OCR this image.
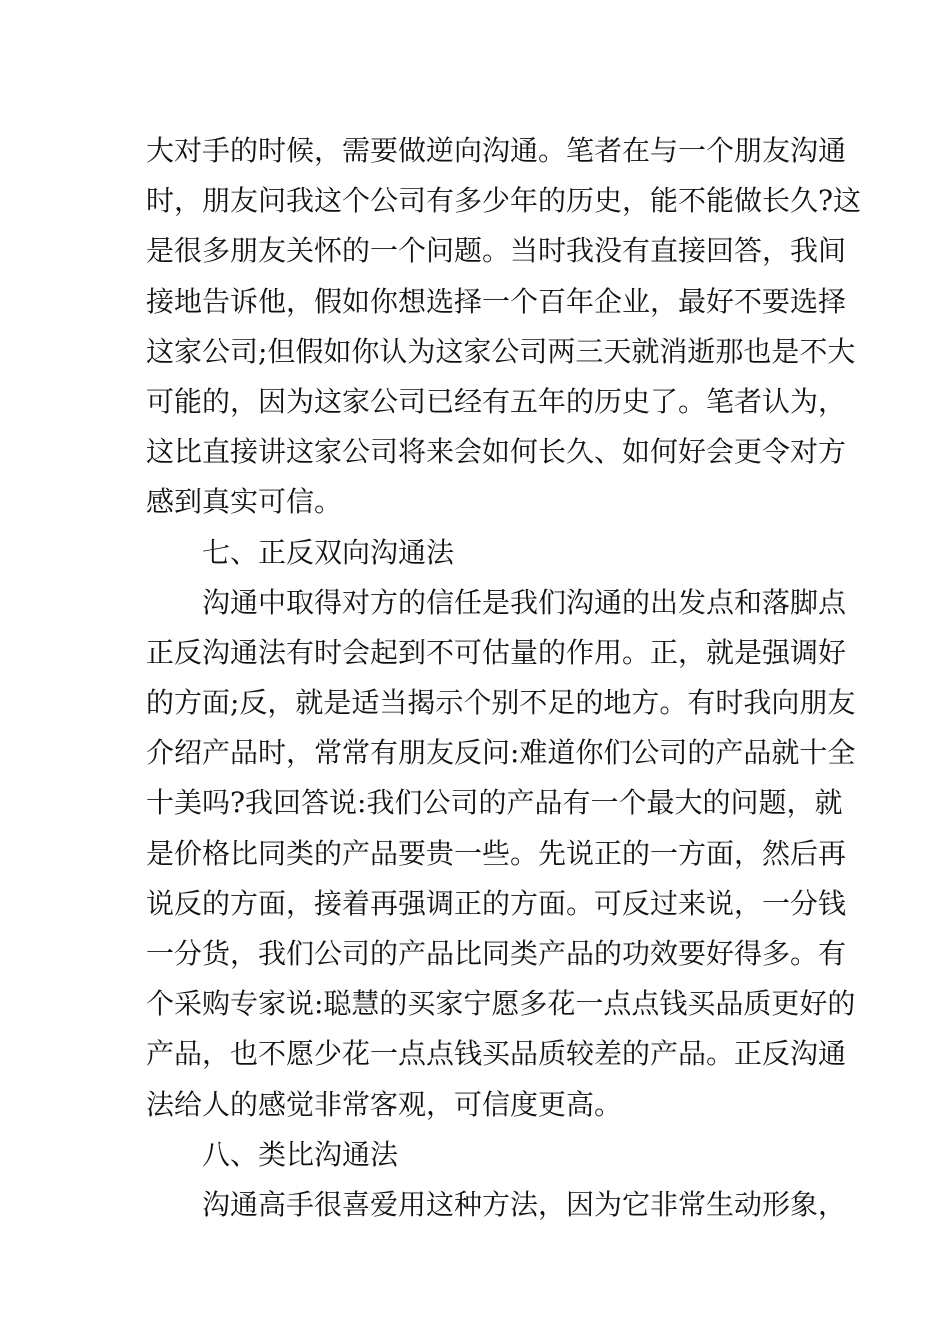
大对手的时候，需要做逆向沟通。笔者在与一个朋友沟通
时，朋友问我这个公司有多少年的历史，能不能做长久?这
是很多朋友关怀的一个问题。当时我没有直接回答，我间
接地告诉他，假如你想选择一个百年企业，最好不要选择
这家公司;但假如你认为这家公司两三天就消逝那也是不大
可能的，因为这家公司已经有五年的历史了。笔者认为，
这比直接讲这家公司将来会如何长久、如何好会更令对方
感到真实可信。
七、正反双向沟通法
沟通中取得对方的信任是我们沟通的出发点和落脚点
正反沟通法有时会起到不可估量的作用。正，就是强调好
的方面;反，就是适当揭示个别不足的地方。有时我向朋友
介绍产品时，常常有朋友反问:难道你们公司的产品就十全
十美吗?我回答说:我们公司的产品有一个最大的问题，就
是价格比同类的产品要贵一些。先说正的一方面，然后再
说反的方面，接着再强调正的方面。可反过来说，一分钱
一分货，我们公司的产品比同类产品的功效要好得多。有
个采购专家说:聪慧的买家宁愿多花一点点钱买品质更好的
产品，也不愿少花一点点钱买品质较差的产品。正反沟通
法给人的感觉非常客观，可信度更高。
八、类比沟通法
沟通高手很喜爱用这种方法，因为它非常生动形象，
